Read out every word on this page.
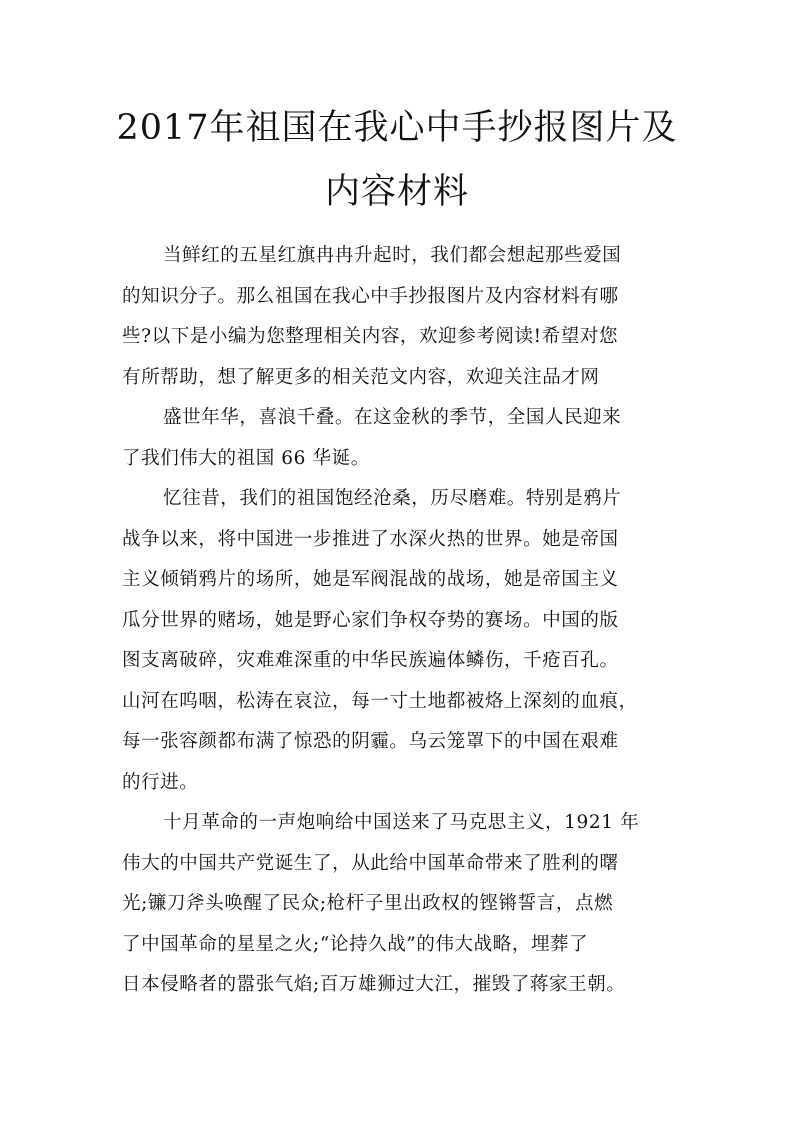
2017年祖国在我心中手抄报图片及
内容材料
当鲜红的五星红旗冉冉升起时，我们都会想起那些爱国
的知识分子。那么祖国在我心中手抄报图片及内容材料有哪
些?以下是小编为您整理相关内容，欢迎参考阅读!希望对您
有所帮助，想了解更多的相关范文内容，欢迎关注品才网
盛世年华，喜浪千叠。在这金秋的季节，全国人民迎来
了我们伟大的祖国 66 华诞。
忆往昔，我们的祖国饱经沧桑，历尽磨难。特别是鸦片
战争以来，将中国进一步推进了水深火热的世界。她是帝国
主义倾销鸦片的场所，她是军阀混战的战场，她是帝国主义
瓜分世界的赌场，她是野心家们争权夺势的赛场。中国的版
图支离破碎，灾难难深重的中华民族遍体鳞伤，千疮百孔。
山河在呜咽，松涛在哀泣，每一寸土地都被烙上深刻的血痕，
每一张容颜都布满了惊恐的阴霾。乌云笼罩下的中国在艰难
的行进。
十月革命的一声炮响给中国送来了马克思主义，1921 年
伟大的中国共产党诞生了，从此给中国革命带来了胜利的曙
光;镰刀斧头唤醒了民众;枪杆子里出政权的铿锵誓言，点燃
了中国革命的星星之火;“论持久战”的伟大战略，埋葬了
日本侵略者的嚣张气焰;百万雄狮过大江，摧毁了蒋家王朝。
